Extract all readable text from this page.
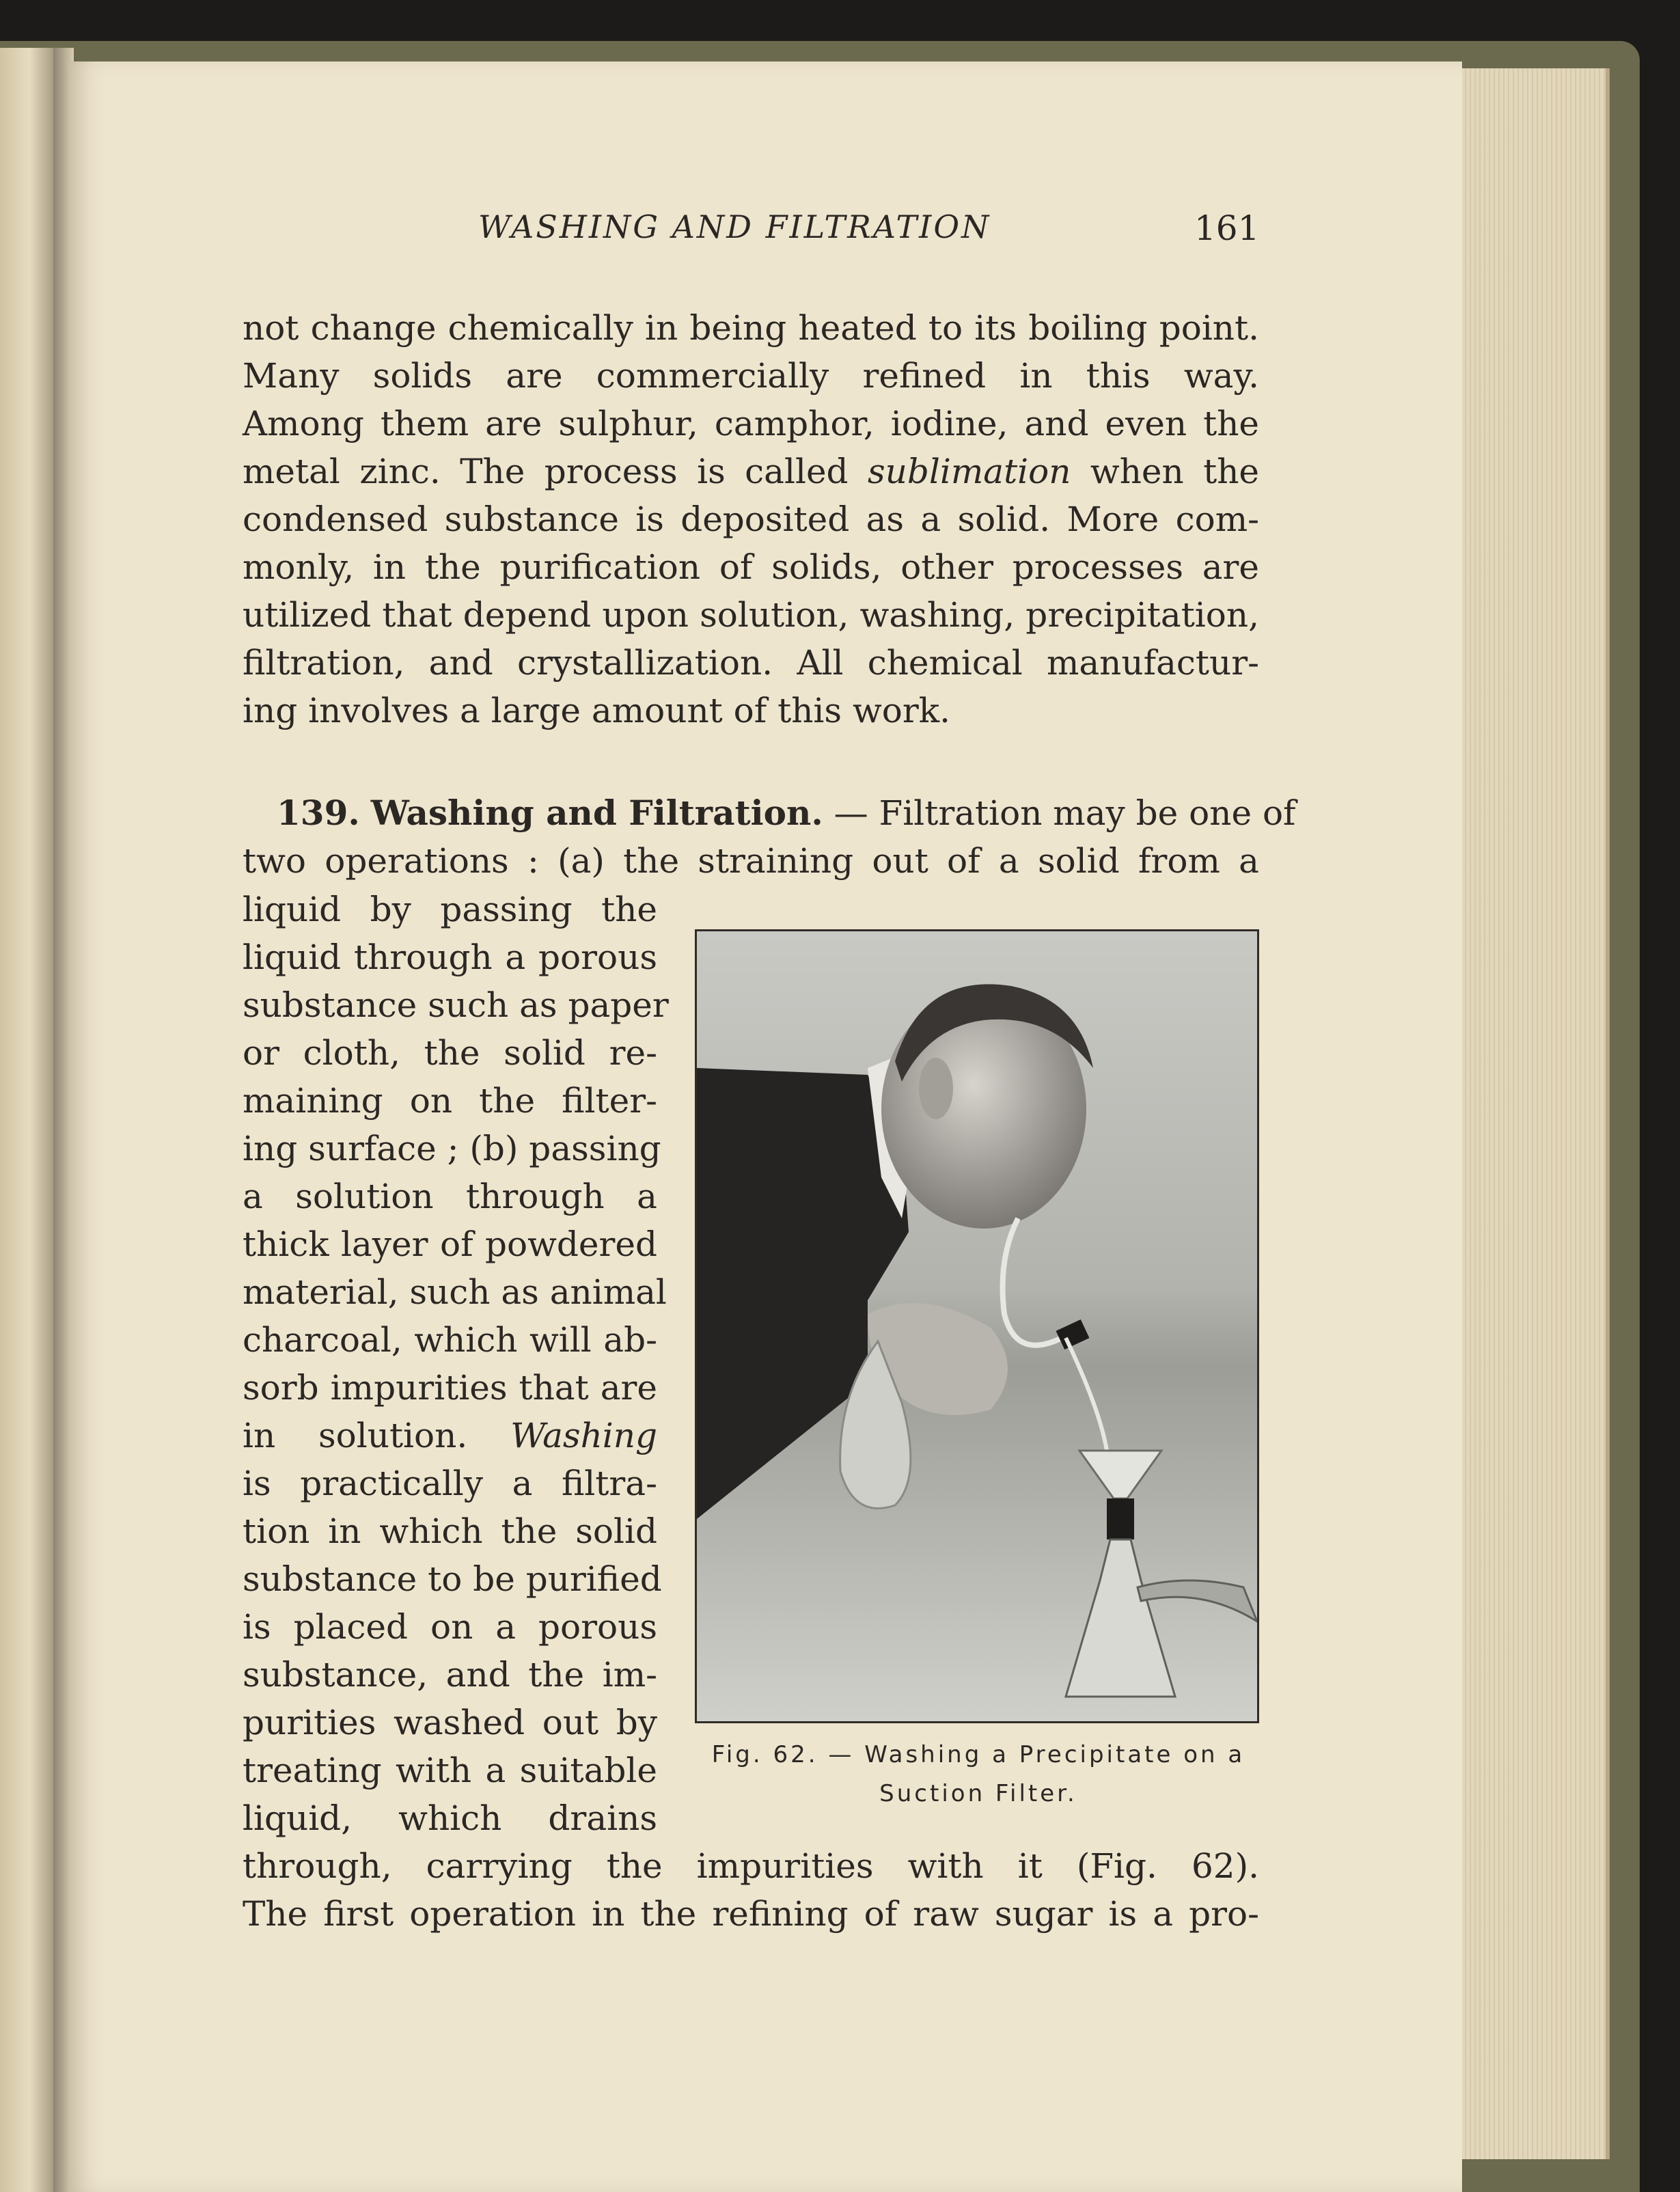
WASHING AND FILTRATION	161
not change chemically in being heated to its boiling point.
Many solids are commercially refined in this way.
Among them are sulphur, camphor, iodine, and even the
metal zinc. The process is called sublimation when the
condensed substance is deposited as a solid. More com-
monly, in the purification of solids, other processes are
utilized that depend upon solution, washing, precipitation,
filtration, and crystallization. All chemical manufactur-
ing involves a large amount of this work.
139. Washing and Filtration. — Filtration may be one of
two operations : (a) the straining out of a solid from a
liquid by passing the
liquid through a porous
substance such as paper
or cloth, the solid re-
maining on the filter-
ing surface ; (b) passing
a solution through a
thick layer of powdered
material, such as animal
charcoal, which will ab-
sorb impurities that are
in solution. Washing
is practically a filtra-
tion in which the solid
substance to be purified
is placed on a porous
substance, and the im-
purities washed out by
treating with a suitable
liquid, which drains
through, carrying the impurities with it (Fig. 62).
The first operation in the refining of raw sugar is a pro-
Fig. 62. — Washing a Precipitate on a
Suction Filter.
